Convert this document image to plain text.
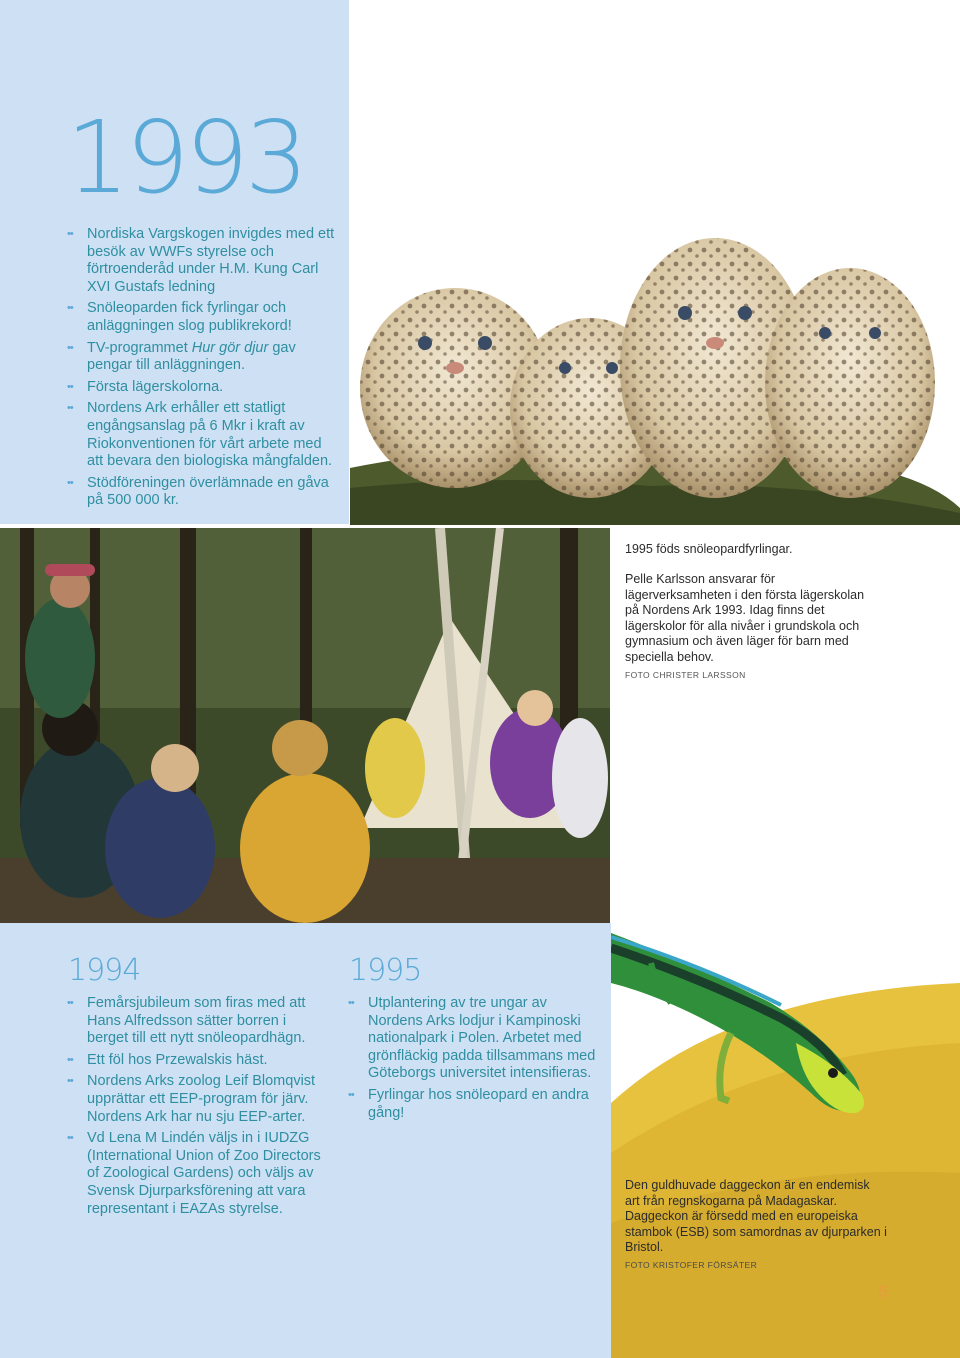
1993
•• Nordiska Vargskogen invigdes med ett besök av WWFs styrelse och förtroenderåd under H.M. Kung Carl XVI Gustafs ledning
•• Snöleoparden fick fyrlingar och anläggningen slog publikrekord!
•• TV-programmet Hur gör djur gav pengar till anläggningen.
•• Första lägerskolorna.
•• Nordens Ark erhåller ett statligt engångsanslag på 6 Mkr i kraft av Riokonventionen för vårt arbete med att bevara den biologiska mångfalden.
•• Stödföreningen överlämnade en gåva på 500 000 kr.
1995 föds snöleopardfyrlingar.
Pelle Karlsson ansvarar för lägerverksamheten i den första lägerskolan på Nordens Ark 1993. Idag finns det lägerskolor för alla nivåer i grundskola och gymnasium och även läger för barn med speciella behov.
FOTO CHRISTER LARSSON
1994
•• Femårsjubileum som firas med att Hans Alfredsson sätter borren i berget till ett nytt snöleopardhägn.
•• Ett föl hos Przewalskis häst.
•• Nordens Arks zoolog Leif Blomqvist upprättar ett EEP-program för järv. Nordens Ark har nu sju EEP-arter.
•• Vd Lena M Lindén väljs in i IUDZG (International Union of Zoo Directors of Zoological Gardens) och väljs av Svensk Djurparksförening att vara representant i EAZAs styrelse.
1995
•• Utplantering av tre ungar av Nordens Arks lodjur i Kampinoski nationalpark i Polen. Arbetet med grönfläckig padda tillsammans med Göteborgs universitet intensifieras.
•• Fyrlingar hos snöleopard en andra gång!
Den guldhuvade daggeckon är en endemisk art från regnskogarna på Madagaskar. Daggeckon är försedd med en europeiska stambok (ESB) som samordnas av djurparken i Bristol.
FOTO KRISTOFER FÖRSÄTER
5
